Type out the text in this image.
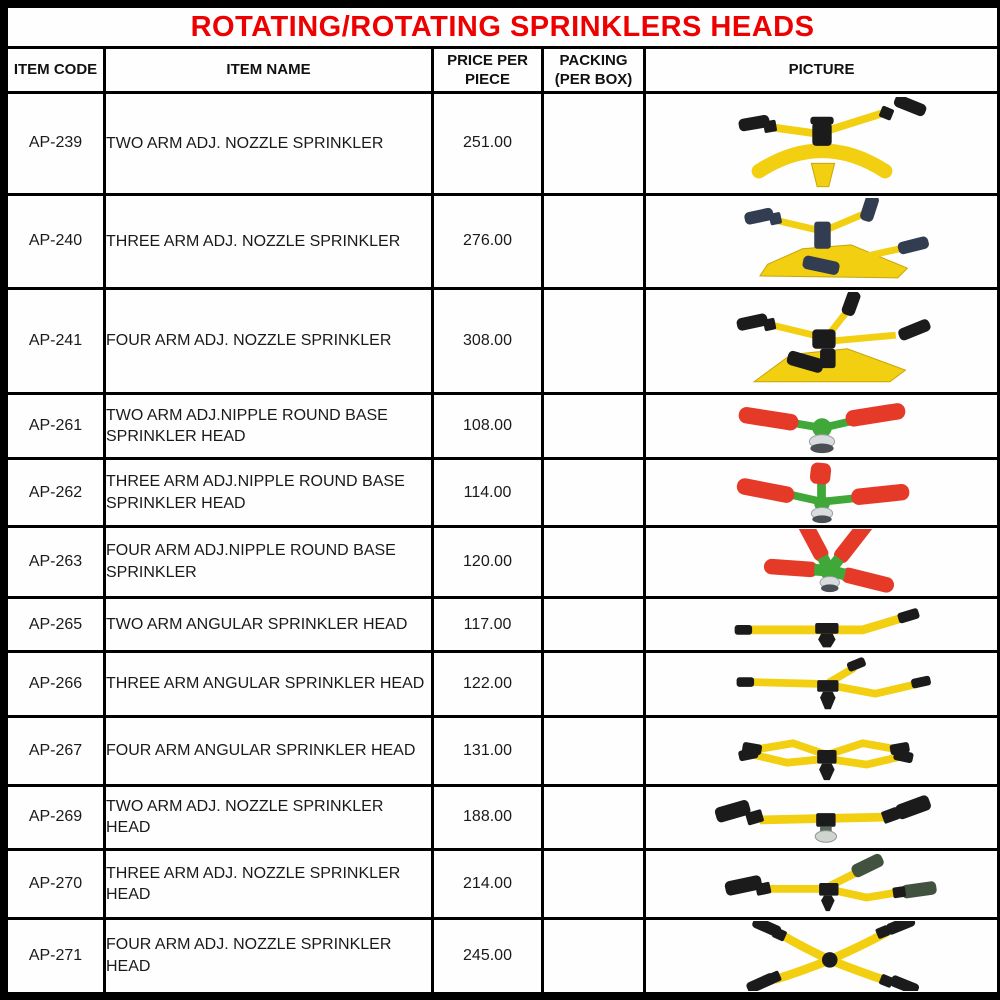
ROTATING/ROTATING SPRINKLERS HEADS				
ITEM CODE	ITEM NAME	PRICE PER PIECE	PACKING (PER BOX)	PICTURE
AP-239	TWO ARM ADJ. NOZZLE SPRINKLER	251.00		

AP-240	THREE ARM ADJ. NOZZLE SPRINKLER	276.00		

AP-241	FOUR ARM ADJ. NOZZLE SPRINKLER	308.00		

AP-261	TWO ARM ADJ.NIPPLE ROUND BASE SPRINKLER HEAD	108.00		

AP-262	THREE ARM ADJ.NIPPLE ROUND BASE SPRINKLER HEAD	114.00		

AP-263	FOUR ARM ADJ.NIPPLE ROUND BASE SPRINKLER	120.00		

AP-265	TWO ARM ANGULAR SPRINKLER HEAD	117.00		

AP-266	THREE ARM ANGULAR SPRINKLER HEAD	122.00		

AP-267	FOUR ARM ANGULAR SPRINKLER HEAD	131.00		

AP-269	TWO ARM ADJ. NOZZLE SPRINKLER HEAD	188.00		

AP-270	THREE ARM ADJ. NOZZLE SPRINKLER HEAD	214.00		

AP-271	FOUR ARM ADJ. NOZZLE SPRINKLER HEAD	245.00		
